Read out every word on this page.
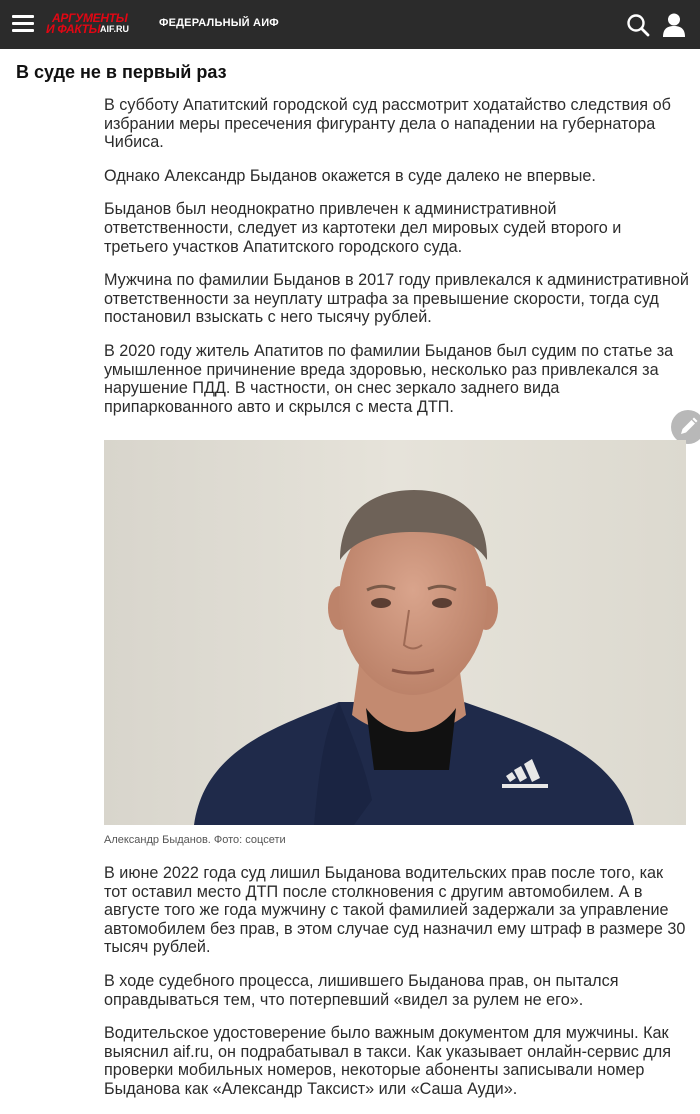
АРГУМЕНТЫ
И ФАКТЫ AIF.RU	ФЕДЕРАЛЬНЫЙ АИФ
В суде не в первый раз

В субботу Апатитский городской суд рассмотрит ходатайство следствия об избрании меры пресечения фигуранту дела о нападении на губернатора Чибиса.

Однако Александр Быданов окажется в суде далеко не впервые.

Быданов был неоднократно привлечен к административной ответственности, следует из картотеки дел мировых судей второго и третьего участков Апатитского городского суда.

Мужчина по фамилии Быданов в 2017 году привлекался к административной ответственности за неуплату штрафа за превышение скорости, тогда суд постановил взыскать с него тысячу рублей.

В 2020 году житель Апатитов по фамилии Быданов был судим по статье за умышленное причинение вреда здоровью, несколько раз привлекался за нарушение ПДД. В частности, он снес зеркало заднего вида припаркованного авто и скрылся с места ДТП.

Александр Быданов. Фото: соцсети

В июне 2022 года суд лишил Быданова водительских прав после того, как тот оставил место ДТП после столкновения с другим автомобилем. А в августе того же года мужчину с такой фамилией задержали за управление автомобилем без прав, в этом случае суд назначил ему штраф в размере 30 тысяч рублей.

В ходе судебного процесса, лишившего Быданова прав, он пытался оправдываться тем, что потерпевший «видел за рулем не его».

Водительское удостоверение было важным документом для мужчины. Как выяснил aif.ru, он подрабатывал в такси. Как указывает онлайн-сервис для проверки мобильных номеров, некоторые абоненты записывали номер Быданова как «Александр Таксист» или «Саша Ауди».
